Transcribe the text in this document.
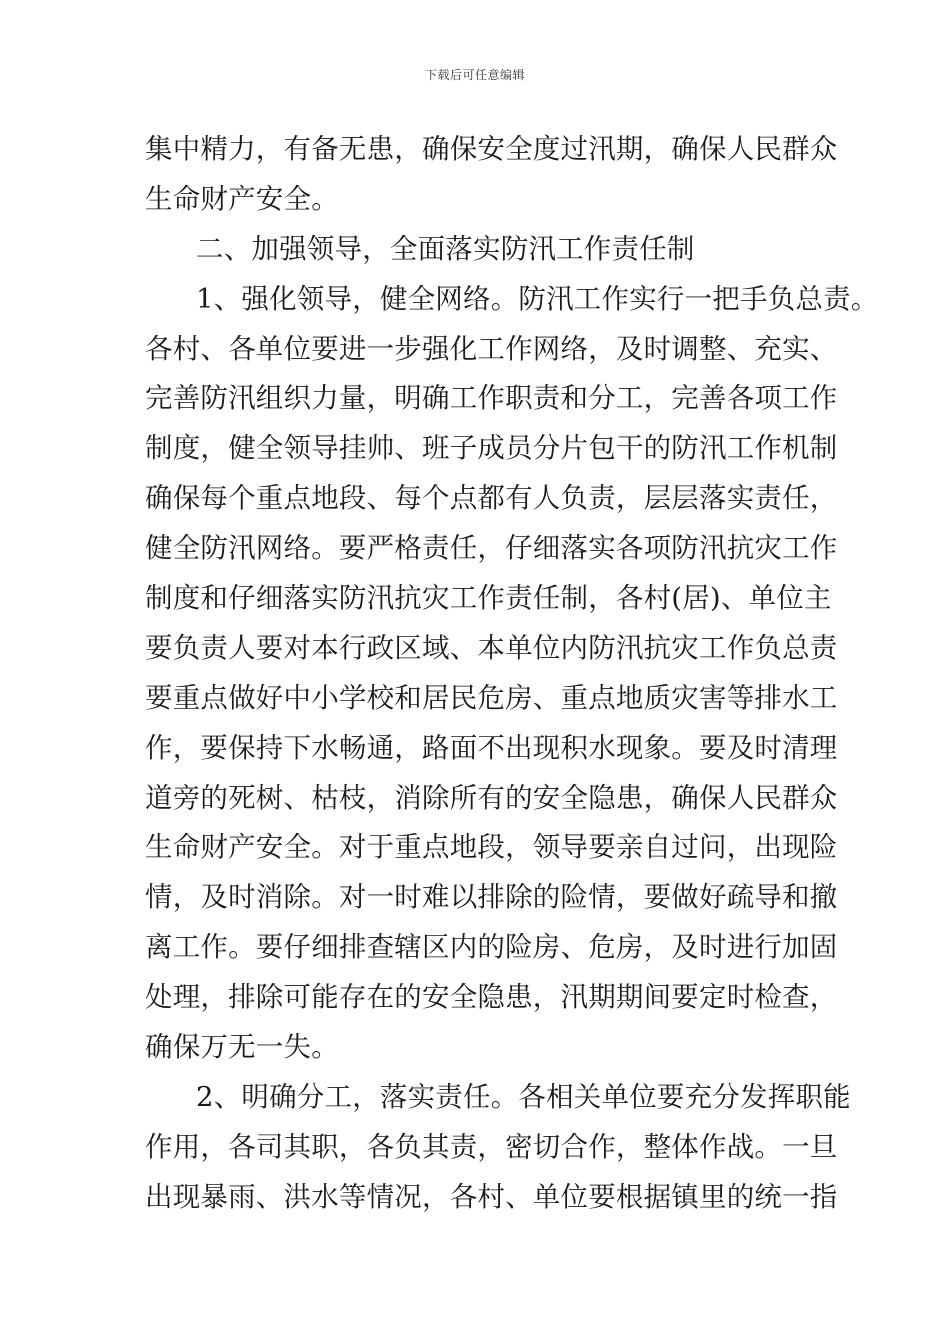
下载后可任意编辑
集中精力，有备无患，确保安全度过汛期，确保人民群众
生命财产安全。
二、加强领导，全面落实防汛工作责任制
1、强化领导，健全网络。防汛工作实行一把手负总责。
各村、各单位要进一步强化工作网络，及时调整、充实、
完善防汛组织力量，明确工作职责和分工，完善各项工作
制度，健全领导挂帅、班子成员分片包干的防汛工作机制
确保每个重点地段、每个点都有人负责，层层落实责任，
健全防汛网络。要严格责任，仔细落实各项防汛抗灾工作
制度和仔细落实防汛抗灾工作责任制，各村(居)、单位主
要负责人要对本行政区域、本单位内防汛抗灾工作负总责
要重点做好中小学校和居民危房、重点地质灾害等排水工
作，要保持下水畅通，路面不出现积水现象。要及时清理
道旁的死树、枯枝，消除所有的安全隐患，确保人民群众
生命财产安全。对于重点地段，领导要亲自过问，出现险
情，及时消除。对一时难以排除的险情，要做好疏导和撤
离工作。要仔细排查辖区内的险房、危房，及时进行加固
处理，排除可能存在的安全隐患，汛期期间要定时检查，
确保万无一失。
2、明确分工，落实责任。各相关单位要充分发挥职能
作用，各司其职，各负其责，密切合作，整体作战。一旦
出现暴雨、洪水等情况，各村、单位要根据镇里的统一指
